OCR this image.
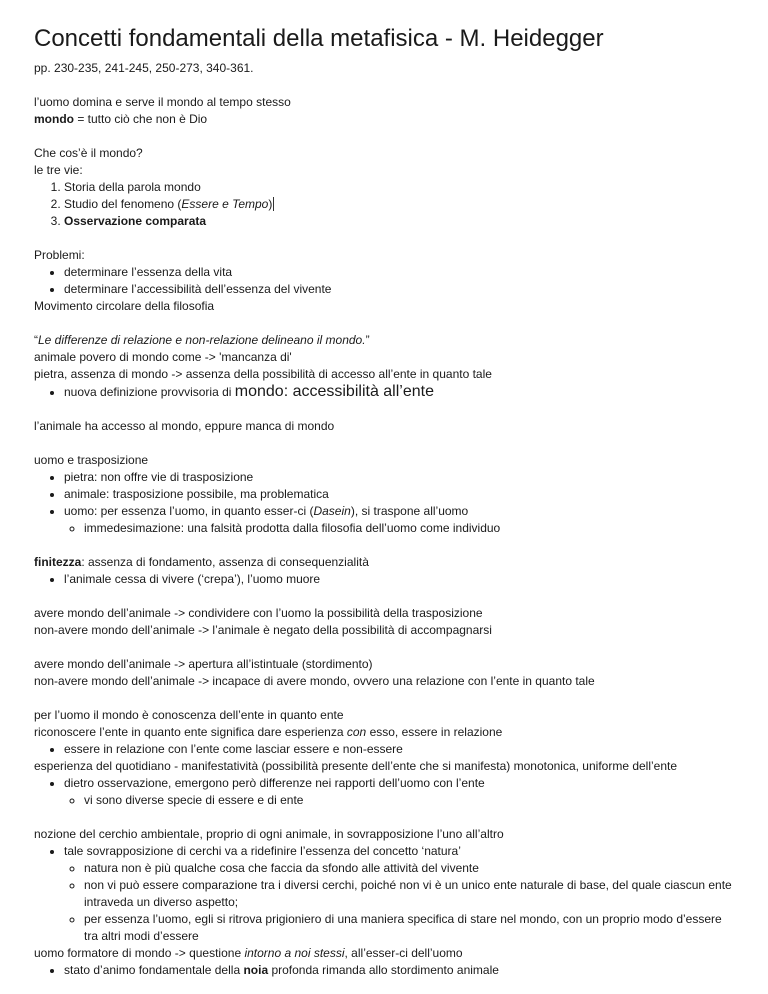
Concetti fondamentali della metafisica - M. Heidegger

pp. 230-235, 241-245, 250-273, 340-361.

l’uomo domina e serve il mondo al tempo stesso

mondo = tutto ciò che non è Dio

Che cos’è il mondo?

le tre vie:

1. Storia della parola mondo
2. Studio del fenomeno (Essere e Tempo)
3. Osservazione comparata

Problemi:

• determinare l’essenza della vita
• determinare l’accessibilità dell’essenza del vivente

Movimento circolare della filosofia

“Le differenze di relazione e non-relazione delineano il mondo.”

animale povero di mondo come -> 'mancanza di'

pietra, assenza di mondo -> assenza della possibilità di accesso all’ente in quanto tale

• nuova definizione provvisoria di mondo: accessibilità all’ente

l’animale ha accesso al mondo, eppure manca di mondo

uomo e trasposizione

• pietra: non offre vie di trasposizione
• animale: trasposizione possibile, ma problematica
• uomo: per essenza l’uomo, in quanto esser-ci (Dasein), si traspone all’uomo
◦ immedesimazione: una falsità prodotta dalla filosofia dell’uomo come individuo

finitezza: assenza di fondamento, assenza di consequenzialità

• l’animale cessa di vivere (‘crepa’), l’uomo muore

avere mondo dell’animale -> condividere con l’uomo la possibilità della trasposizione

non-avere mondo dell’animale -> l’animale è negato della possibilità di accompagnarsi

avere mondo dell’animale -> apertura all’istintuale (stordimento)

non-avere mondo dell’animale -> incapace di avere mondo, ovvero una relazione con l’ente in quanto tale

per l’uomo il mondo è conoscenza dell’ente in quanto ente

riconoscere l’ente in quanto ente significa dare esperienza con esso, essere in relazione

• essere in relazione con l’ente come lasciar essere e non-essere

esperienza del quotidiano - manifestatività (possibilità presente dell’ente che si manifesta) monotonica, uniforme dell’ente

• dietro osservazione, emergono però differenze nei rapporti dell’uomo con l’ente
◦ vi sono diverse specie di essere e di ente

nozione del cerchio ambientale, proprio di ogni animale, in sovrapposizione l’uno all’altro

• tale sovrapposizione di cerchi va a ridefinire l’essenza del concetto ‘natura’
◦ natura non è più qualche cosa che faccia da sfondo alle attività del vivente
◦ non vi può essere comparazione tra i diversi cerchi, poiché non vi è un unico ente naturale di base, del quale ciascun ente intraveda un diverso aspetto;
◦ per essenza l’uomo, egli si ritrova prigioniero di una maniera specifica di stare nel mondo, con un proprio modo d’essere tra altri modi d’essere

uomo formatore di mondo -> questione intorno a noi stessi, all’esser-ci dell’uomo

• stato d’animo fondamentale della noia profonda rimanda allo stordimento animale
